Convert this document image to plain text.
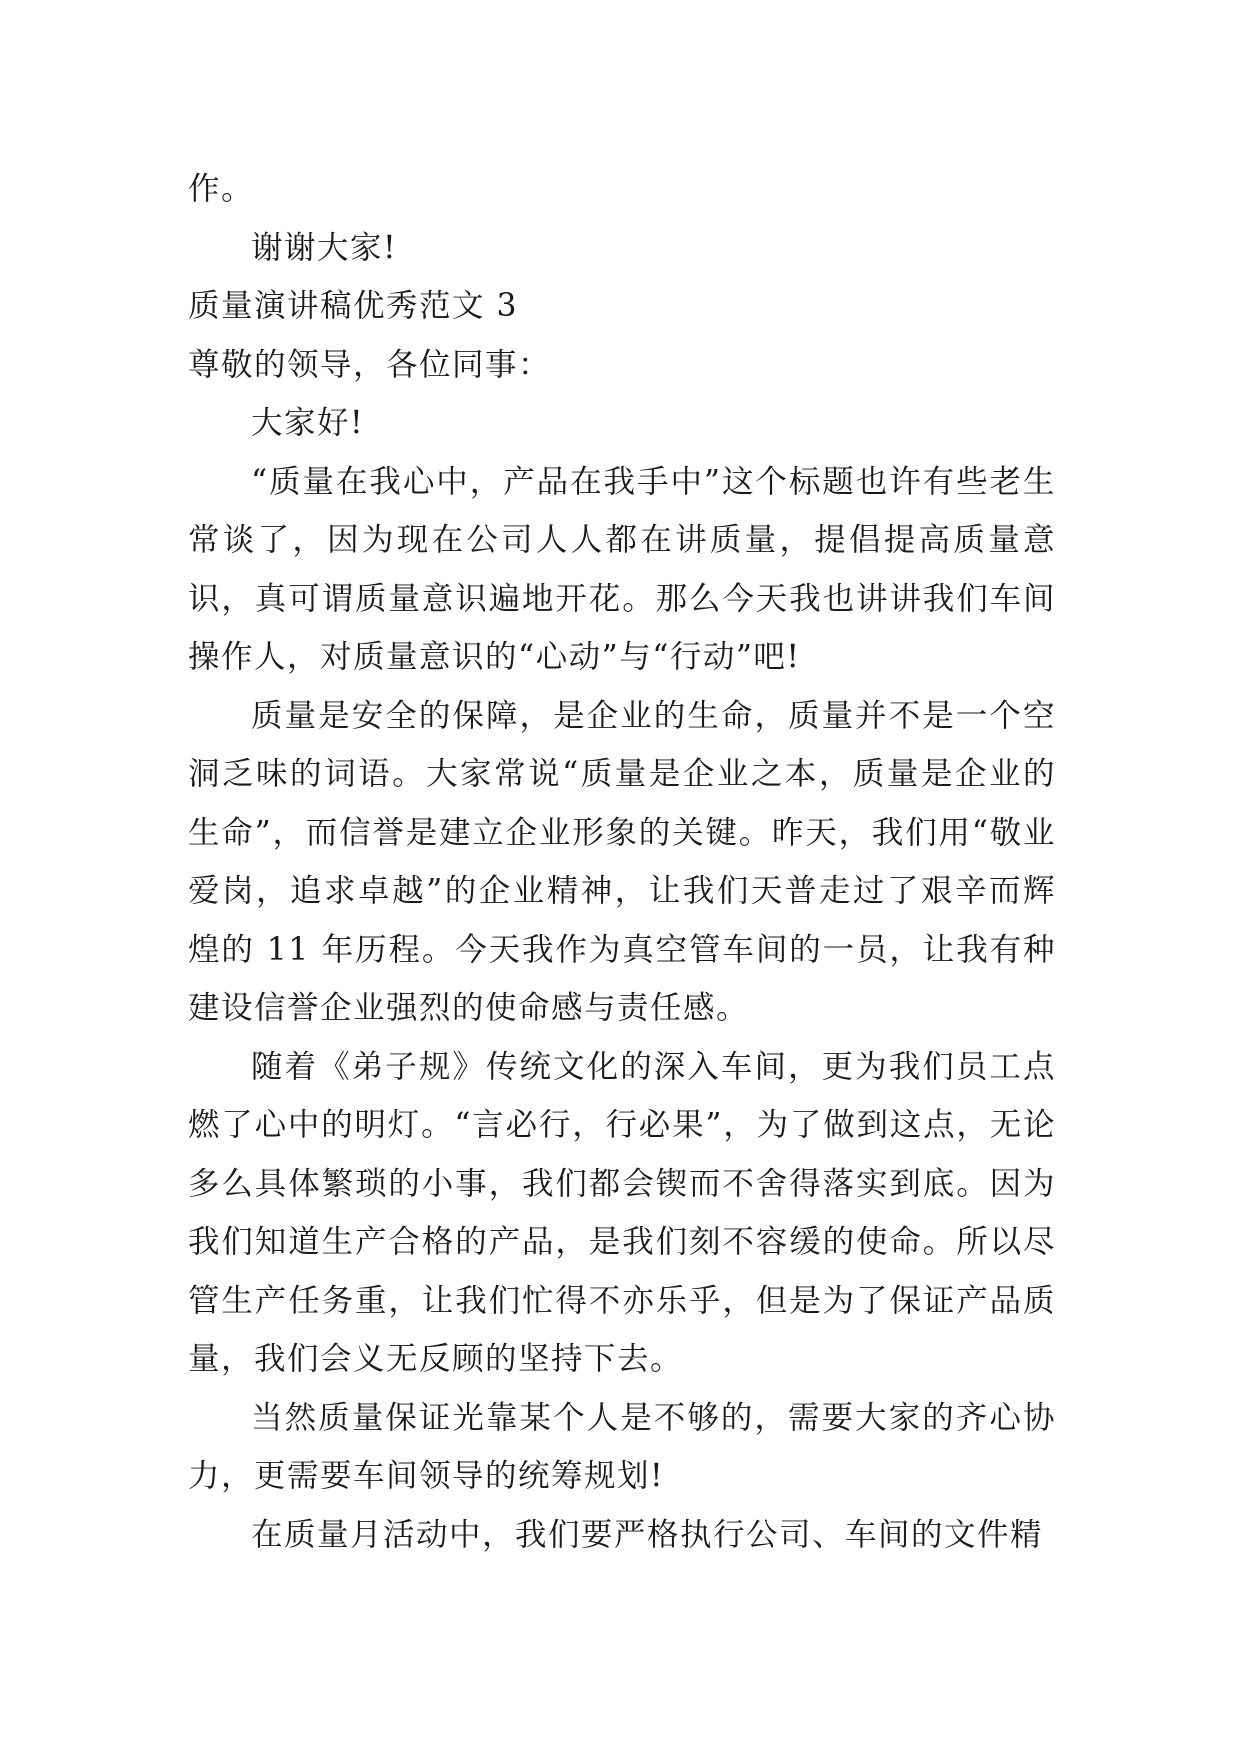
作。

谢谢大家!

质量演讲稿优秀范文 3

尊敬的领导，各位同事：

大家好!

“质量在我心中，产品在我手中”这个标题也许有些老生常谈了，因为现在公司人人都在讲质量，提倡提高质量意识，真可谓质量意识遍地开花。那么今天我也讲讲我们车间操作人，对质量意识的“心动”与“行动”吧!

质量是安全的保障，是企业的生命，质量并不是一个空洞乏味的词语。大家常说“质量是企业之本，质量是企业的生命”，而信誉是建立企业形象的关键。昨天，我们用“敬业爱岗，追求卓越”的企业精神，让我们天普走过了艰辛而辉煌的 11 年历程。今天我作为真空管车间的一员，让我有种建设信誉企业强烈的使命感与责任感。

随着《弟子规》传统文化的深入车间，更为我们员工点燃了心中的明灯。“言必行，行必果”，为了做到这点，无论多么具体繁琐的小事，我们都会锲而不舍得落实到底。因为我们知道生产合格的产品，是我们刻不容缓的使命。所以尽管生产任务重，让我们忙得不亦乐乎，但是为了保证产品质量，我们会义无反顾的坚持下去。

当然质量保证光靠某个人是不够的，需要大家的齐心协力，更需要车间领导的统筹规划!

在质量月活动中，我们要严格执行公司、车间的文件精
